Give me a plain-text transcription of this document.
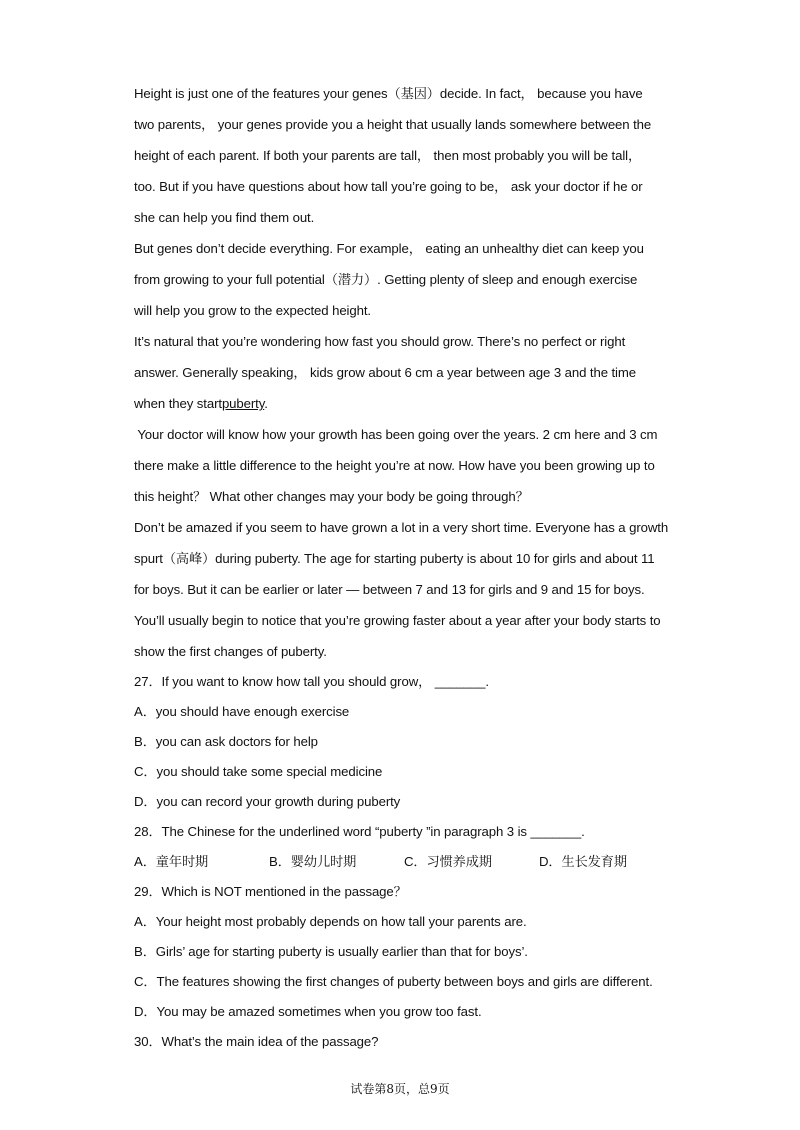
Height is just one of the features your genes（基因）decide. In fact， because you have
two parents， your genes provide you a height that usually lands somewhere between the
height of each parent. If both your parents are tall， then most probably you will be tall，
too. But if you have questions about how tall you’re going to be， ask your doctor if he or
she can help you find them out.
But genes don’t decide everything. For example， eating an unhealthy diet can keep you
from growing to your full potential（潜力）. Getting plenty of sleep and enough exercise
will help you grow to the expected height.
It’s natural that you’re wondering how fast you should grow. There’s no perfect or right
answer. Generally speaking， kids grow about 6 cm a year between age 3 and the time
when they startpuberty.
Your doctor will know how your growth has been going over the years. 2 cm here and 3 cm
there make a little difference to the height you’re at now. How have you been growing up to
this height？ What other changes may your body be going through？
Don’t be amazed if you seem to have grown a lot in a very short time. Everyone has a growth
spurt（高峰）during puberty. The age for starting puberty is about 10 for girls and about 11
for boys. But it can be earlier or later — between 7 and 13 for girls and 9 and 15 for boys.
You’ll usually begin to notice that you’re growing faster about a year after your body starts to
show the first changes of puberty.
27．If you want to know how tall you should grow， _______.
A．you should have enough exercise
B．you can ask doctors for help
C．you should take some special medicine
D．you can record your growth during puberty
28．The Chinese for the underlined word “puberty ”in paragraph 3 is _______.
A．童年时期	B．婴幼儿时期	C．习惯养成期	D．生长发育期
29．Which is NOT mentioned in the passage？
A．Your height most probably depends on how tall your parents are.
B．Girls’ age for starting puberty is usually earlier than that for boys’.
C．The features showing the first changes of puberty between boys and girls are different.
D．You may be amazed sometimes when you grow too fast.
30．What’s the main idea of the passage?
试卷第8页，总9页
